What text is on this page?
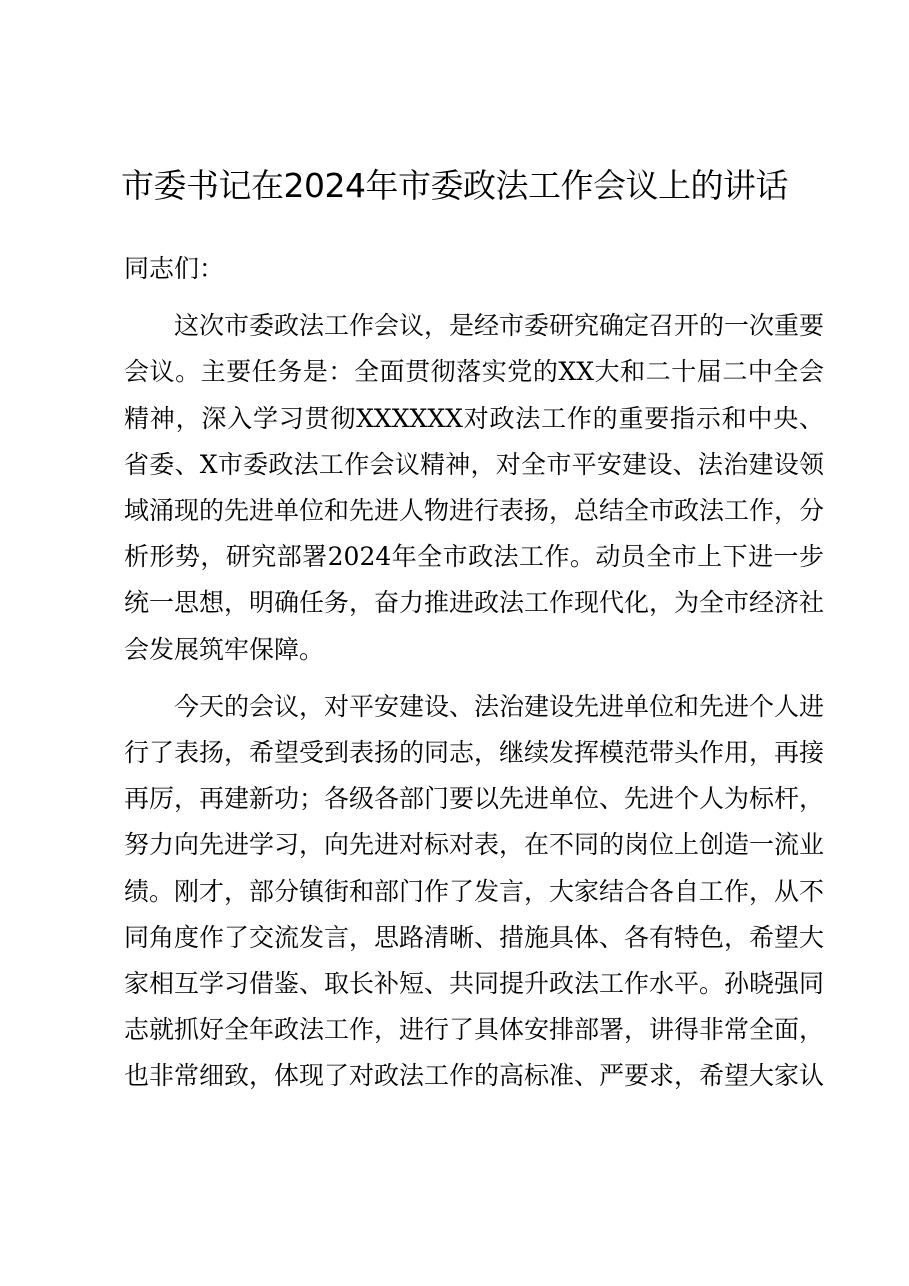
市委书记在2024年市委政法工作会议上的讲话

同志们：

这次市委政法工作会议，是经市委研究确定召开的一次重要会议。主要任务是：全面贯彻落实党的XX大和二十届二中全会精神，深入学习贯彻XXXXXX对政法工作的重要指示和中央、省委、X市委政法工作会议精神，对全市平安建设、法治建设领域涌现的先进单位和先进人物进行表扬，总结全市政法工作，分析形势，研究部署2024年全市政法工作。动员全市上下进一步统一思想，明确任务，奋力推进政法工作现代化，为全市经济社会发展筑牢保障。

今天的会议，对平安建设、法治建设先进单位和先进个人进行了表扬，希望受到表扬的同志，继续发挥模范带头作用，再接再厉，再建新功；各级各部门要以先进单位、先进个人为标杆，努力向先进学习，向先进对标对表，在不同的岗位上创造一流业绩。刚才，部分镇街和部门作了发言，大家结合各自工作，从不同角度作了交流发言，思路清晰、措施具体、各有特色，希望大家相互学习借鉴、取长补短、共同提升政法工作水平。孙晓强同志就抓好全年政法工作，进行了具体安排部署，讲得非常全面，也非常细致，体现了对政法工作的高标准、严要求，希望大家认
